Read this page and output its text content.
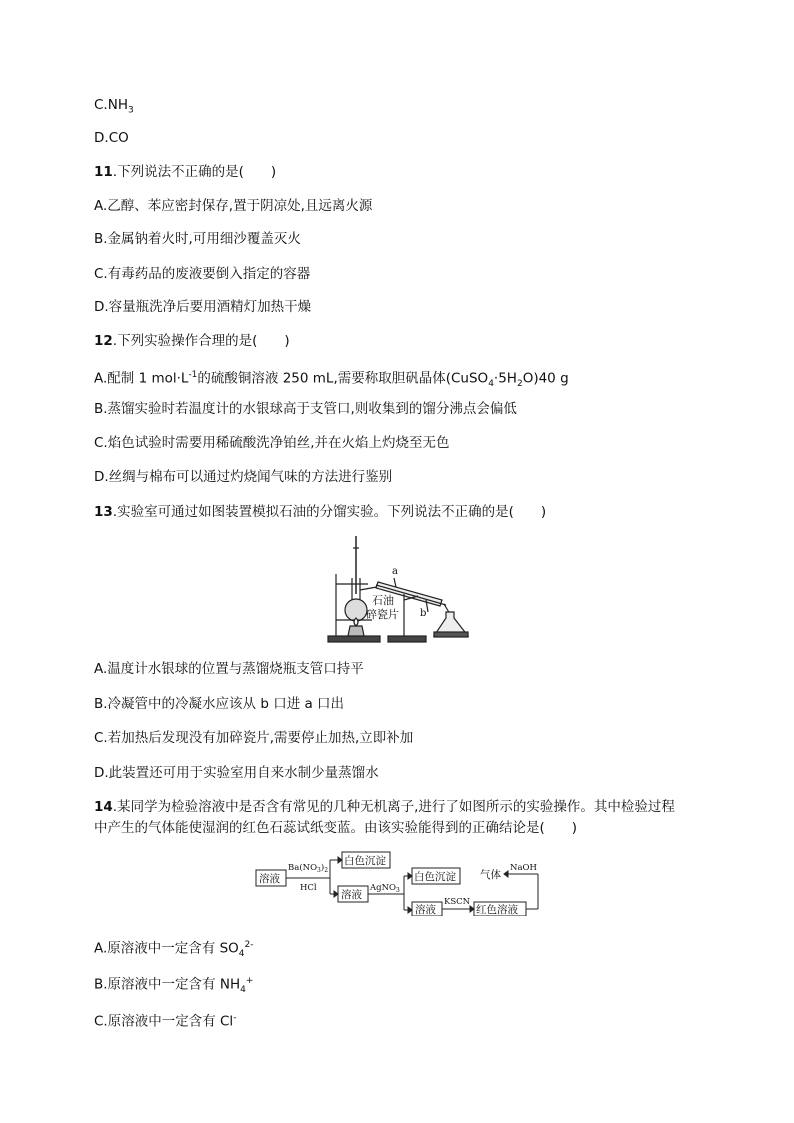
$C.NH_3$
D.CO
11.下列说法不正确的是(　　)
A.乙醇、苯应密封保存,置于阴凉处,且远离火源
B.金属钠着火时,可用细沙覆盖灭火
C.有毒药品的废液要倒入指定的容器
D.容量瓶洗净后要用酒精灯加热干燥
12.下列实验操作合理的是(　　)
A.配制 1 $mol\cdot L^{-1}$的硫酸铜溶液 250 mL,需要称取胆矾晶体$(CuSO_4\cdot 5H_2O)40$ g
B.蒸馏实验时若温度计的水银球高于支管口,则收集到的馏分沸点会偏低
C.焰色试验时需要用稀硫酸洗净铂丝,并在火焰上灼烧至无色
D.丝绸与棉布可以通过灼烧闻气味的方法进行鉴别
13.实验室可通过如图装置模拟石油的分馏实验。下列说法不正确的是(　　)
a
b
石油
碎瓷片
A.温度计水银球的位置与蒸馏烧瓶支管口持平
B.冷凝管中的冷凝水应该从 b 口进 a 口出
C.若加热后发现没有加碎瓷片,需要停止加热,立即补加
D.此装置还可用于实验室用自来水制少量蒸馏水
14.某同学为检验溶液中是否含有常见的几种无机离子,进行了如图所示的实验操作。其中检验过程
中产生的气体能使湿润的红色石蕊试纸变蓝。由该实验能得到的正确结论是(　　)
溶液
$Ba(NO_3)_2$
HCl
白色沉淀
溶液
AgNO$_3$
白色沉淀 气体
NaOH
溶液
KSCN
红色溶液
A.原溶液中一定含有 $SO_4^{2-}$
B.原溶液中一定含有 $NH_4^+$
C.原溶液中一定含有 Cl-
